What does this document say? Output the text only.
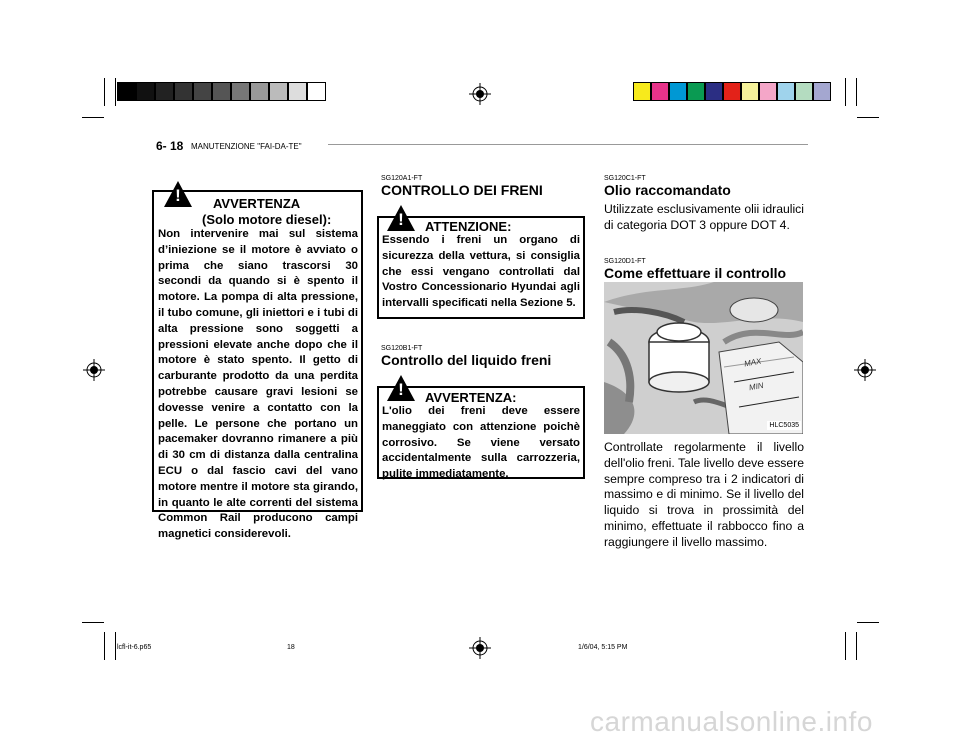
6- 18 MANUTENZIONE "FAI-DA-TE"
!	AVVERTENZA
(Solo motore diesel):
Non intervenire mai sul sistema d’iniezione se il motore è avviato o prima che siano trascorsi 30 secondi da quando si è spento il motore. La pompa di alta pressione, il tubo comune, gli iniettori e i tubi di alta pressione sono soggetti a pressioni elevate anche dopo che il motore è stato spento. Il getto di carburante prodotto da una perdita potrebbe causare gravi lesioni se dovesse venire a contatto con la pelle. Le persone che portano un pacemaker dovranno rimanere a più di 30 cm di distanza dalla centralina ECU o dal fascio cavi del vano motore mentre il motore sta girando, in quanto le alte correnti del sistema Common Rail producono campi magnetici considerevoli.
SG120A1-FT
CONTROLLO DEI FRENI
!	ATTENZIONE:
Essendo i freni un organo di sicurezza della vettura, si consiglia che essi vengano controllati dal Vostro Concessionario Hyundai agli intervalli specificati nella Sezione 5.
SG120B1-FT
Controllo del liquido freni
!	AVVERTENZA:
L'olio dei freni deve essere maneggiato con attenzione poichè corrosivo. Se viene versato accidentalmente sulla carrozzeria, pulite immediatamente.
SG120C1-FT
Olio raccomandato
Utilizzate esclusivamente olii idraulici di categoria DOT 3 oppure DOT 4.
SG120D1-FT
Come effettuare il controllo
MAX
MIN
HLC5035
Controllate regolarmente il livello dell'olio freni. Tale livello deve essere sempre compreso tra i 2 indicatori di massimo e di minimo. Se il livello del liquido si trova in prossimità del minimo, effettuate il rabbocco fino a raggiungere il livello massimo.
lcfl-it-6.p65	18	1/6/04, 5:15 PM
carmanualsonline.info
